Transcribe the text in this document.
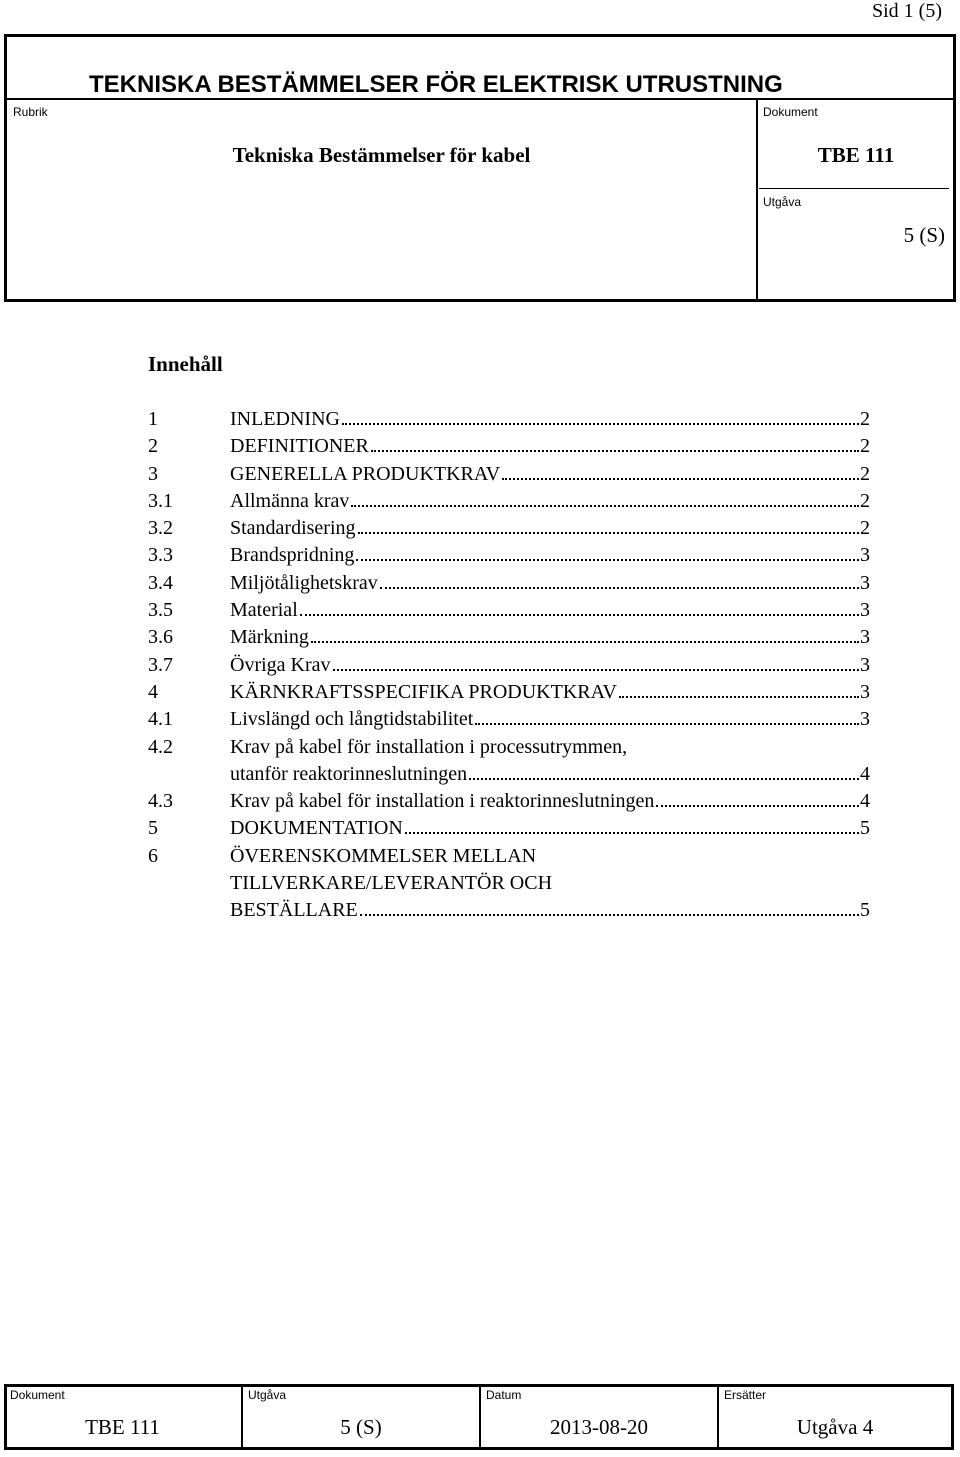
Sid 1 (5)
TEKNISKA BESTÄMMELSER FÖR ELEKTRISK UTRUSTNING
Rubrik
Tekniska Bestämmelser för kabel
Dokument
TBE 111
Utgåva
5 (S)
Innehåll
1	INLEDNING	2
2	DEFINITIONER	2
3	GENERELLA PRODUKTKRAV	2
3.1	Allmänna krav	2
3.2	Standardisering	2
3.3	Brandspridning	3
3.4	Miljötålighetskrav	3
3.5	Material	3
3.6	Märkning	3
3.7	Övriga Krav	3
4	KÄRNKRAFTSSPECIFIKA PRODUKTKRAV	3
4.1	Livslängd och långtidstabilitet	3
4.2	Krav på kabel för installation i processutrymmen,
utanför reaktorinneslutningen	4
4.3	Krav på kabel för installation i reaktorinneslutningen	4
5	DOKUMENTATION	5
6	ÖVERENSKOMMELSER MELLAN
TILLVERKARE/LEVERANTÖR OCH
BESTÄLLARE	5
Dokument
TBE 111
Utgåva
5 (S)
Datum
2013-08-20
Ersätter
Utgåva 4
